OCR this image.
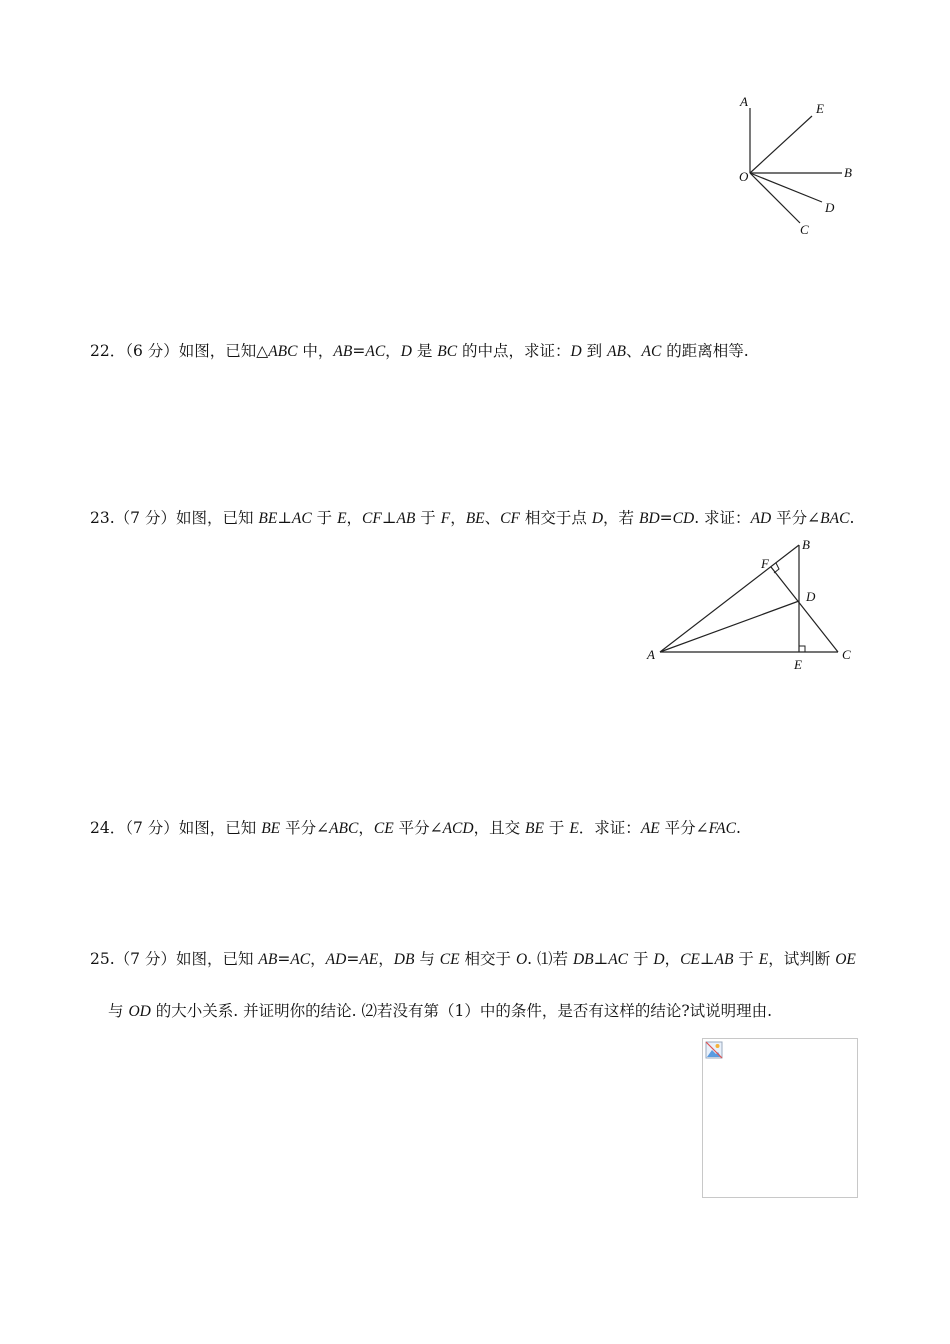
A	E
O	B
D
C
22．（6 分）如图，已知△ABC 中，AB=AC，D 是 BC 的中点，求证：D 到 AB、AC 的距离相等.
23.（7 分）如图，已知 BE⊥AC 于 E，CF⊥AB 于 F，BE、CF 相交于点 D，若 BD=CD. 求证：AD 平分∠BAC.
B
F
D
A
E
C
24．（7 分）如图，已知 BE 平分∠ABC，CE 平分∠ACD，且交 BE 于 E．求证：AE 平分∠FAC.
25.（7 分）如图，已知 AB=AC，AD=AE，DB 与 CE 相交于 O. ⑴若 DB⊥AC 于 D，CE⊥AB 于 E，试判断 OE
与 OD 的大小关系. 并证明你的结论. ⑵若没有第（1）中的条件，是否有这样的结论?试说明理由.
